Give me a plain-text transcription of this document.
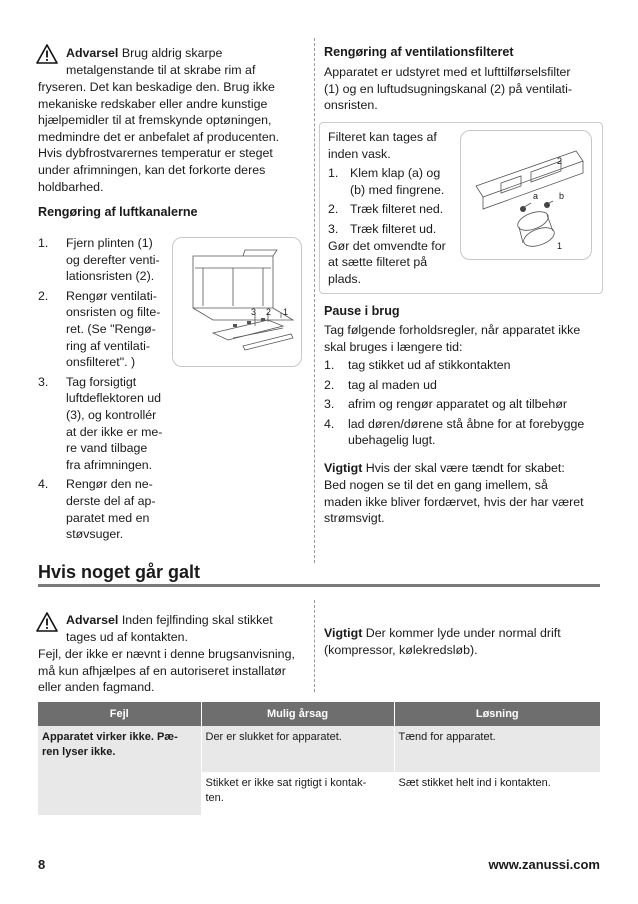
Advarsel Brug aldrig skarpe

metalgenstande til at skrabe rim af

fryseren. Det kan beskadige den. Brug ikke

mekaniske redskaber eller andre kunstige

hjælpemidler til at fremskynde optøningen,

medmindre det er anbefalet af producenten.

Hvis dybfrostvarernes temperatur er steget

under afrimningen, kan det forkorte deres

holdbarhed.

Rengøring af luftkanalerne
1. Fjern plinten (1)
og derefter venti-
lationsristen (2).
2. Rengør ventilati-
onsristen og filte-
ret. (Se "Rengø-
ring af ventilati-
onsfilteret". )
3. Tag forsigtigt
luftdeflektoren ud
(3), og kontrollér
at der ikke er me-
re vand tilbage
fra afrimningen.
4. Rengør den ne-
derste del af ap-
paratet med en
støvsuger.
3 2 1
Rengøring af ventilationsfilteret

Apparatet er udstyret med et lufttilførselsfilter

(1) og en luftudsugningskanal (2) på ventilati-

onsristen.

Filteret kan tages af

inden vask.

1. Klem klap (a) og
(b) med fingrene.
2. Træk filteret ned.
3. Træk filteret ud.

Gør det omvendte for

at sætte filteret på

plads.

2
a b
1
Pause i brug

Tag følgende forholdsregler, når apparatet ikke

skal bruges i længere tid:

1. tag stikket ud af stikkontakten
2. tag al maden ud
3. afrim og rengør apparatet og alt tilbehør
4. lad døren/dørene stå åbne for at forebygge
ubehagelig lugt.

Vigtigt Hvis der skal være tændt for skabet:

Bed nogen se til det en gang imellem, så

maden ikke bliver fordærvet, hvis der har været

strømsvigt.

Hvis noget går galt

Advarsel Inden fejlfinding skal stikket

tages ud af kontakten.

Fejl, der ikke er nævnt i denne brugsanvisning,

må kun afhjælpes af en autoriseret installatør

eller anden fagmand.

Vigtigt Der kommer lyde under normal drift

(kompressor, kølekredsløb).

Fejl	Mulig årsag	Løsning

Apparatet virker ikke. Pæ-
ren lyser ikke.	Der er slukket for apparatet.	Tænd for apparatet.

	Stikket er ikke sat rigtigt i kontak-
ten.	Sæt stikket helt ind i kontakten.
8	www.zanussi.com
